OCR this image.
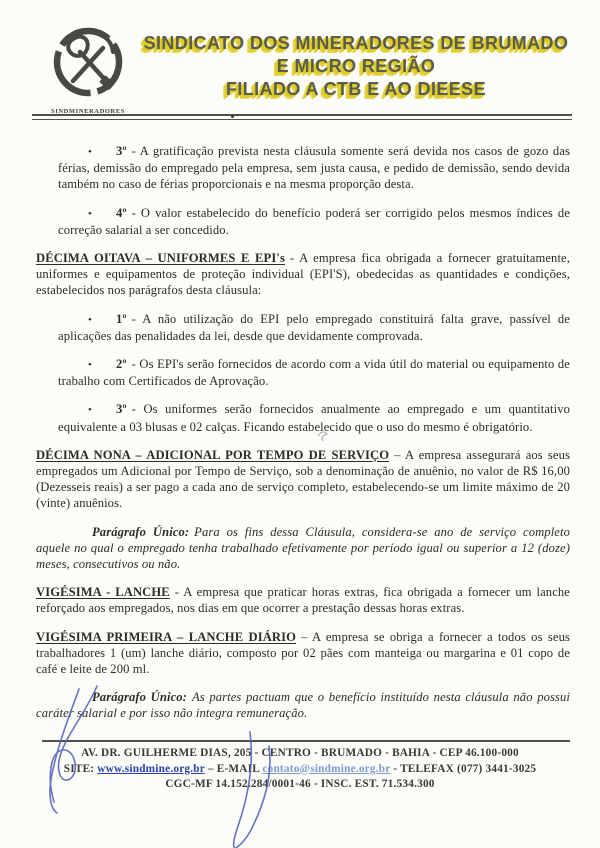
SINDMINERADORES
SINDICATO DOS MINERADORES DE BRUMADO
E MICRO REGIÃO
FILIADO A CTB E AO DIEESE

• 3º - A gratificação prevista nesta cláusula somente será devida nos casos de gozo das férias, demissão do empregado pela empresa, sem justa causa, e pedido de demissão, sendo devida também no caso de férias proporcionais e na mesma proporção desta.

• 4º - O valor estabelecido do benefício poderá ser corrigido pelos mesmos índices de correção salarial a ser concedido.

DÉCIMA OITAVA – UNIFORMES E EPI's - A empresa fica obrigada a fornecer gratuitamente, uniformes e equipamentos de proteção individual (EPI'S), obedecidas as quantidades e condições, estabelecidos nos parágrafos desta cláusula:

• 1º - A não utilização do EPI pelo empregado constituirá falta grave, passível de aplicações das penalidades da lei, desde que devidamente comprovada.

• 2º - Os EPI's serão fornecidos de acordo com a vida útil do material ou equipamento de trabalho com Certificados de Aprovação.

• 3º - Os uniformes serão fornecidos anualmente ao empregado e um quantitativo equivalente a 03 blusas e 02 calças. Ficando estabelecido que o uso do mesmo é obrigatório.

DÉCIMA NONA – ADICIONAL POR TEMPO DE SERVIÇO – A empresa assegurará aos seus empregados um Adicional por Tempo de Serviço, sob a denominação de anuênio, no valor de R$ 16,00 (Dezesseis reais) a ser pago a cada ano de serviço completo, estabelecendo-se um limite máximo de 20 (vinte) anuênios.

Parágrafo Único: Para os fins dessa Cláusula, considera-se ano de serviço completo aquele no qual o empregado tenha trabalhado efetivamente por período igual ou superior a 12 (doze) meses, consecutivos ou não.

VIGÉSIMA - LANCHE - A empresa que praticar horas extras, fica obrigada a fornecer um lanche reforçado aos empregados, nos dias em que ocorrer a prestação dessas horas extras.

VIGÉSIMA PRIMEIRA – LANCHE DIÁRIO – A empresa se obriga a fornecer a todos os seus trabalhadores 1 (um) lanche diário, composto por 02 pães com manteiga ou margarina e 01 copo de café e leite de 200 ml.

Parágrafo Único: As partes pactuam que o benefício instituído nesta cláusula não possui caráter salarial e por isso não integra remuneração.

AV. DR. GUILHERME DIAS, 205 - CENTRO - BRUMADO - BAHIA - CEP 46.100-000
SITE: www.sindmine.org.br – E-MAIL contato@sindmine.org.br - TELEFAX (077) 3441-3025
CGC-MF 14.152.284/0001-46 - INSC. EST. 71.534.300
